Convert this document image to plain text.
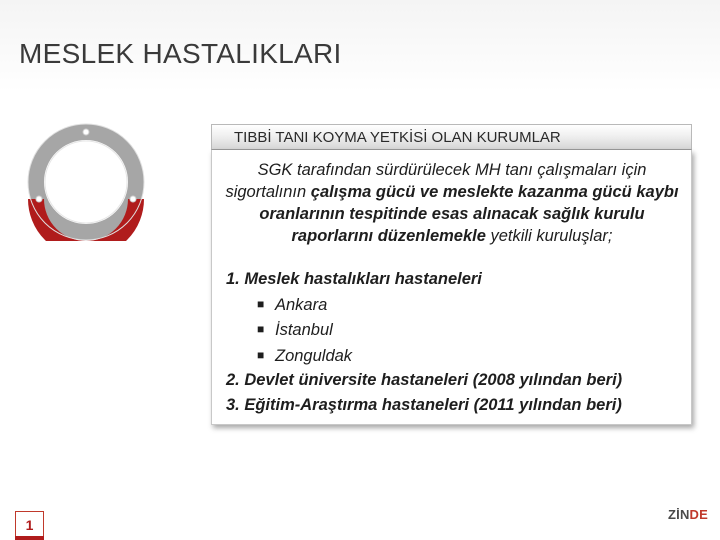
MESLEK HASTALIKLARI
TIBBİ TANI KOYMA YETKİSİ OLAN KURUMLAR
SGK tarafından sürdürülecek MH tanı çalışmaları için sigortalının çalışma gücü ve meslekte kazanma gücü kaybı oranlarının tespitinde esas alınacak sağlık kurulu raporlarını düzenlemekle yetkili kuruluşlar;
1. Meslek hastalıkları hastaneleri
■ Ankara
■ İstanbul
■ Zonguldak
2. Devlet üniversite hastaneleri (2008 yılından beri)
3. Eğitim-Araştırma hastaneleri (2011 yılından beri)
1
ZİNDE
